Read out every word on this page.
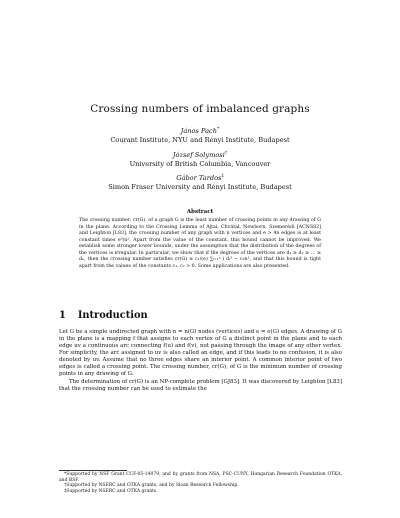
Crossing numbers of imbalanced graphs
János Pach*
Courant Institute, NYU and Rényi Institute, Budapest
József Solymosi†
University of British Columbia, Vancouver
Gábor Tardos‡
Simon Fraser University and Rényi Institute, Budapest
Abstract
The crossing number, cr(G), of a graph G is the least number of crossing points in any drawing of G in the plane. According to the Crossing Lemma of Ajtai, Chvátal, Newborn, Szemerédi [ACNS82] and Leighton [L83], the crossing number of any graph with n vertices and e > 4n edges is at least constant times e³/n². Apart from the value of the constant, this bound cannot be improved. We establish some stronger lower bounds, under the assumption that the distribution of the degrees of the vertices is irregular. In particular, we show that if the degrees of the vertices are d₁ ≥ d₂ ≥ … ≥ dₙ, then the crossing number satisfies cr(G) ≥ c₁/(e) ∑ᵢ₌₁ⁿ i dᵢ³ − c₂n², and that this bound is tight apart from the values of the constants c₁, c₂ > 0. Some applications are also presented.
1 Introduction

Let G be a simple undirected graph with n = n(G) nodes (vertices) and e = e(G) edges. A drawing of G in the plane is a mapping f that assigns to each vertex of G a distinct point in the plane and to each edge uv a continuous arc connecting f(u) and f(v), not passing through the image of any other vertex. For simplicity, the arc assigned to uv is also called an edge, and if this leads to no confusion, it is also denoted by uv. Assume that no three edges share an interior point. A common interior point of two edges is called a crossing point. The crossing number, cr(G), of G is the minimum number of crossing points in any drawing of G.

The determination of cr(G) is an NP-complete problem [GJ83]. It was discovered by Leighton [L83] that the crossing number can be used to estimate the

*Supported by NSF Grant CCF-05-14079, and by grants from NSA, PSC-CUNY, Hungarian Research Foundation OTKA, and BSF.
†Supported by NSERC and OTKA grants, and by Sloan Research Fellowship.
‡Supported by NSERC and OTKA grants.
